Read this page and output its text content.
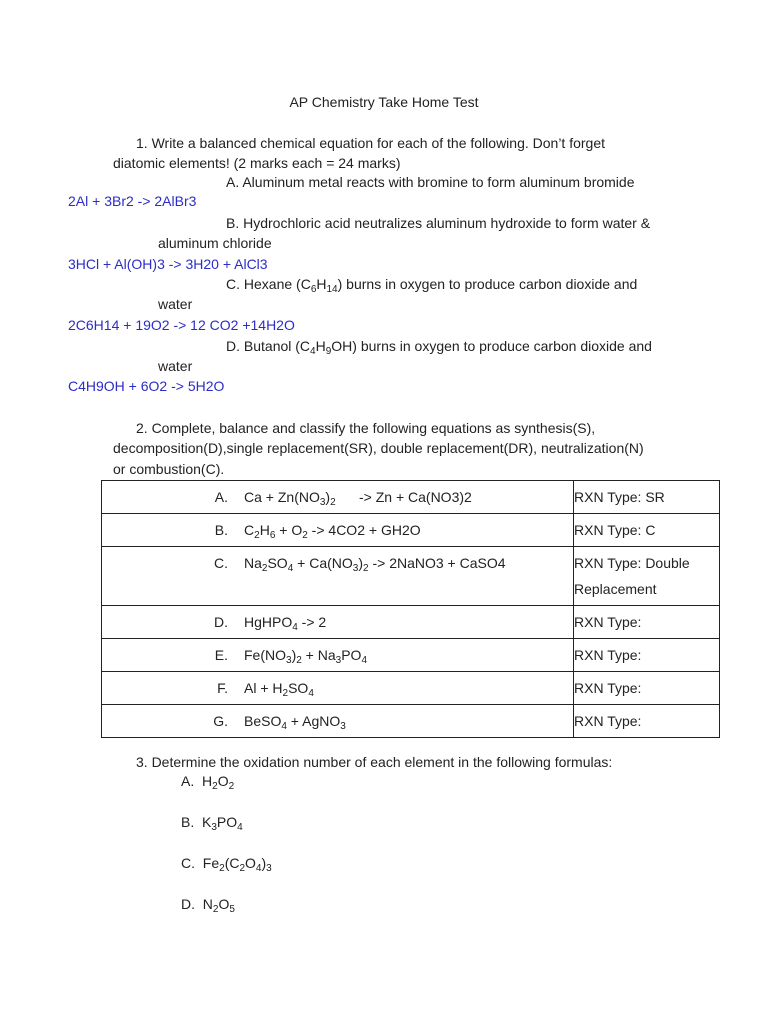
AP Chemistry Take Home Test
1. Write a balanced chemical equation for each of the following. Don’t forget
diatomic elements! (2 marks each = 24 marks)
A. Aluminum metal reacts with bromine to form aluminum bromide
2Al + 3Br2 -> 2AlBr3
B. Hydrochloric acid neutralizes aluminum hydroxide to form water &
aluminum chloride
3HCl + Al(OH)3 -> 3H20 + AlCl3
C. Hexane $(C_6H_{14})$ burns in oxygen to produce carbon dioxide and
water
2C6H14 + 19O2 -> 12 CO2 +14H2O
D. Butanol $(C_4H_9OH)$ burns in oxygen to produce carbon dioxide and
water
C4H9OH + 6O2 -> 5H2O
2. Complete, balance and classify the following equations as synthesis(S),
decomposition(D),single replacement(SR), double replacement(DR), neutralization(N)
or combustion(C).
A. $Ca + Zn(NO_3)_2$      -> Zn + Ca(NO3)2	RXN Type: SR

B. $C_2H_6 + O_2 -> 4CO2 + GH2O$	RXN Type: C

C. $Na_2SO_4 + Ca(NO_3)_2$ -> 2NaNO3 + CaSO4	RXN Type: Double Replacement

D. HgHPO$_4$ -> 2	RXN Type:

E. $Fe(NO_3)_2 + Na_3PO_4$	RXN Type:

F. $Al + H_2SO_4$	RXN Type:

G. BeSO$_4$ + AgNO$_3$	RXN Type:
3. Determine the oxidation number of each element in the following formulas:
A.  $H_2O_2$
B.  $K_3PO_4$
C.  $Fe_2(C_2O_4)_3$
D.  $N_2O_5$
